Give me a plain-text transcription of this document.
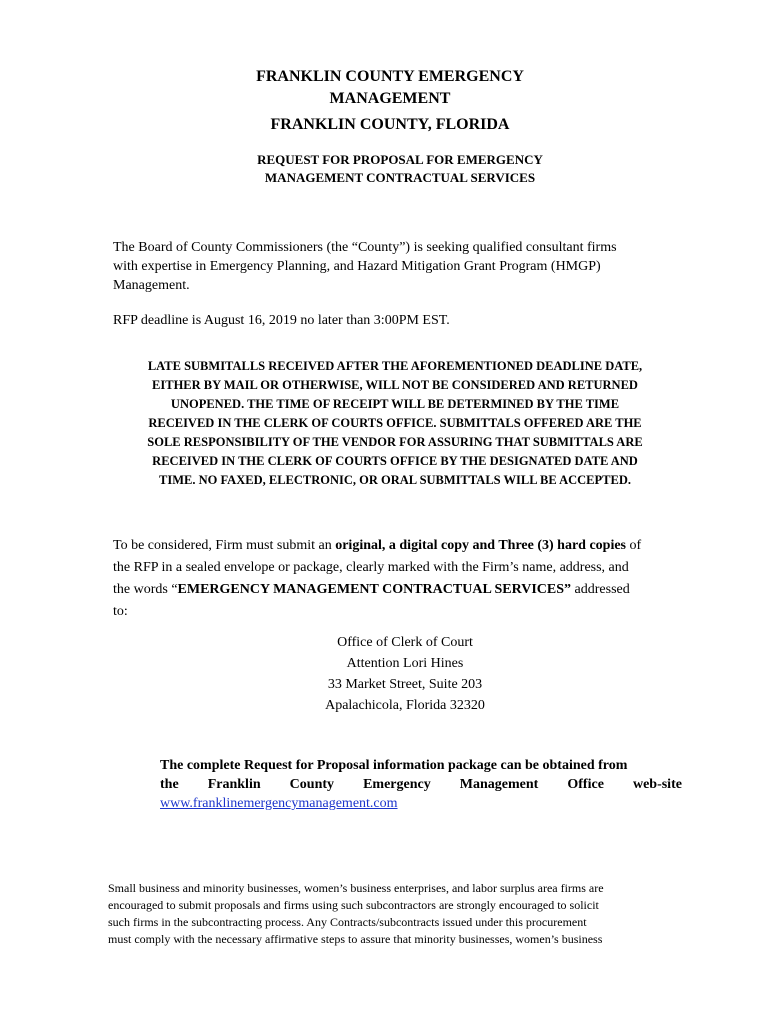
FRANKLIN COUNTY EMERGENCY
MANAGEMENT
FRANKLIN COUNTY, FLORIDA
REQUEST FOR PROPOSAL FOR EMERGENCY
MANAGEMENT CONTRACTUAL SERVICES
The Board of County Commissioners (the “County”) is seeking qualified consultant firms
with expertise in Emergency Planning, and Hazard Mitigation Grant Program (HMGP)
Management.
RFP deadline is August 16, 2019 no later than 3:00PM EST.
LATE SUBMITALLS RECEIVED AFTER THE AFOREMENTIONED DEADLINE DATE,
EITHER BY MAIL OR OTHERWISE, WILL NOT BE CONSIDERED AND RETURNED
UNOPENED. THE TIME OF RECEIPT WILL BE DETERMINED BY THE TIME
RECEIVED IN THE CLERK OF COURTS OFFICE. SUBMITTALS OFFERED ARE THE
SOLE RESPONSIBILITY OF THE VENDOR FOR ASSURING THAT SUBMITTALS ARE
RECEIVED IN THE CLERK OF COURTS OFFICE BY THE DESIGNATED DATE AND
TIME. NO FAXED, ELECTRONIC, OR ORAL SUBMITTALS WILL BE ACCEPTED.
To be considered, Firm must submit an original, a digital copy and Three (3) hard copies of
the RFP in a sealed envelope or package, clearly marked with the Firm’s name, address, and
the words “EMERGENCY MANAGEMENT CONTRACTUAL SERVICES” addressed
to:
Office of Clerk of Court
Attention Lori Hines
33 Market Street, Suite 203
Apalachicola, Florida 32320
The complete Request for Proposal information package can be obtained from
the Franklin County Emergency Management Office web-site
www.franklinemergencymanagement.com
Small business and minority businesses, women’s business enterprises, and labor surplus area firms are
encouraged to submit proposals and firms using such subcontractors are strongly encouraged to solicit
such firms in the subcontracting process. Any Contracts/subcontracts issued under this procurement
must comply with the necessary affirmative steps to assure that minority businesses, women’s business
